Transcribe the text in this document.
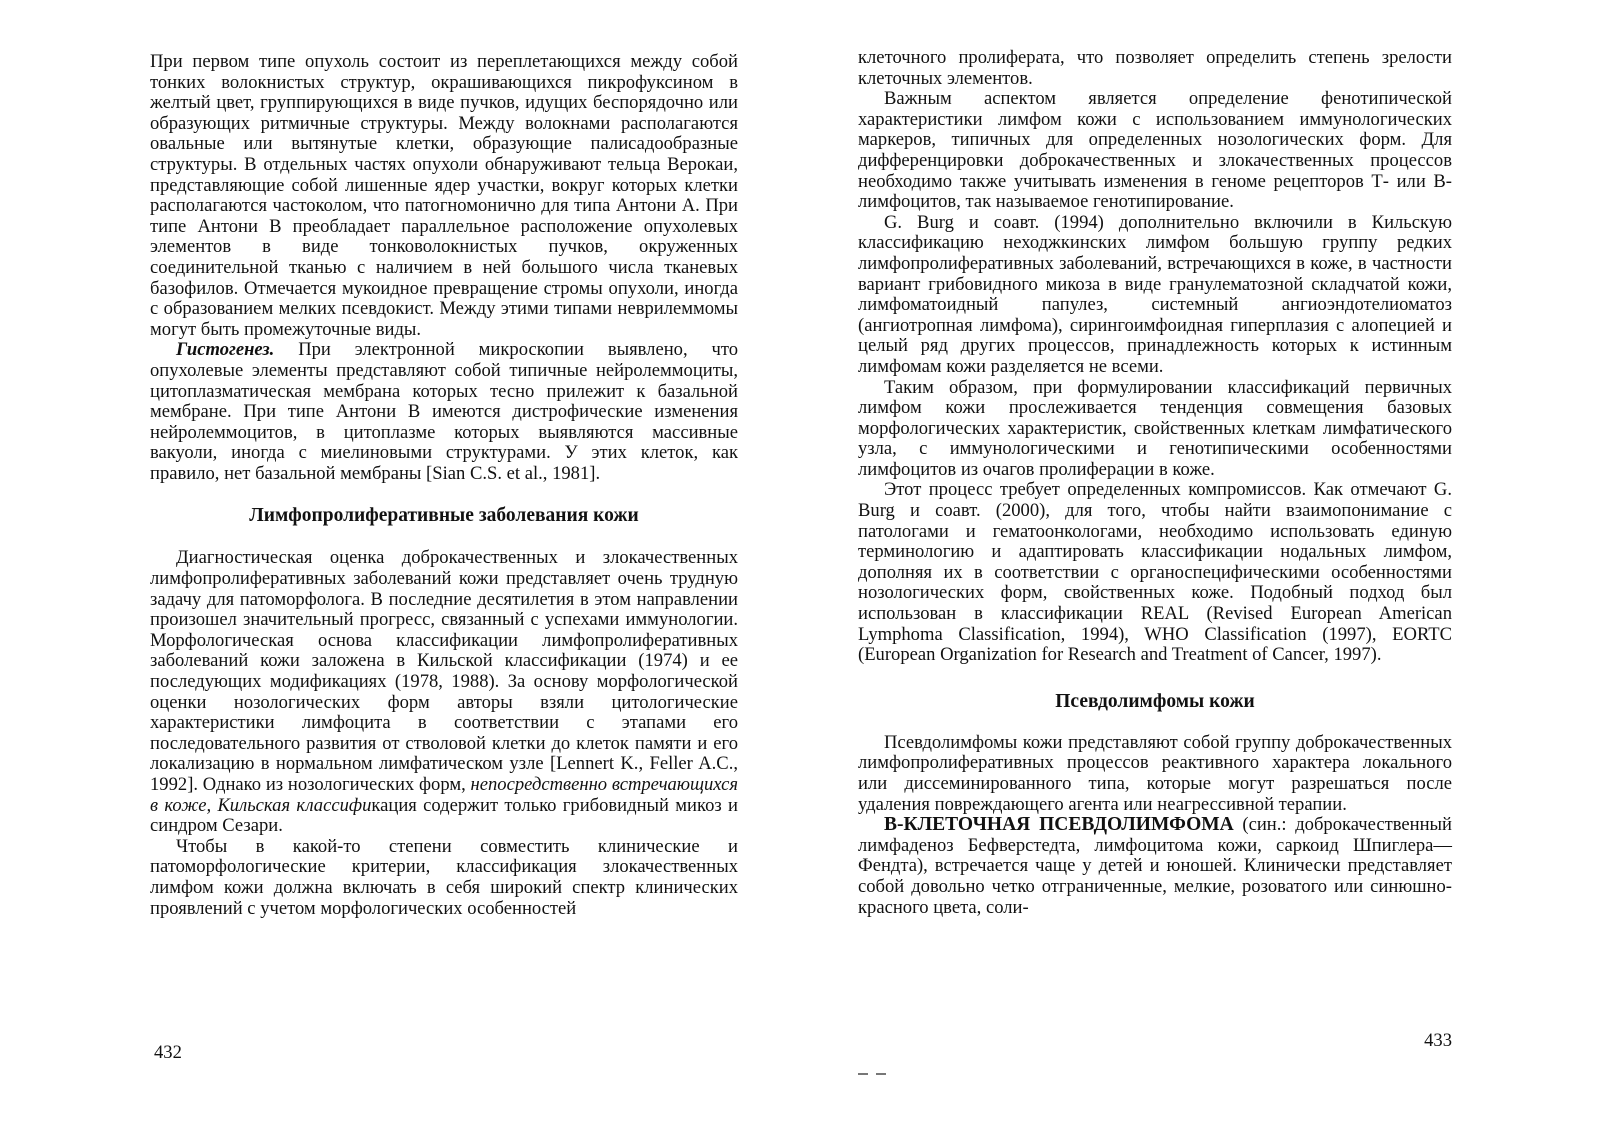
При первом типе опухоль состоит из переплетающихся между собой тонких волокнистых структур, окрашивающихся пикрофуксином в желтый цвет, группирующихся в виде пучков, идущих беспорядочно или образующих ритмичные структуры. Между волокнами располагаются овальные или вытянутые клетки, образующие палисадообразные структуры. В отдельных частях опухоли обнаруживают тельца Верокаи, представляющие собой лишенные ядер участки, вокруг которых клетки располагаются частоколом, что патогномонично для типа Антони А. При типе Антони В преобладает параллельное расположение опухолевых элементов в виде тонковолокнистых пучков, окруженных соединительной тканью с наличием в ней большого числа тканевых базофилов. Отмечается мукоидное превращение стромы опухоли, иногда с образованием мелких псевдокист. Между этими типами неврилеммомы могут быть промежуточные виды.

Гистогенез. При электронной микроскопии выявлено, что опухолевые элементы представляют собой типичные нейролеммоциты, цитоплазматическая мембрана которых тесно прилежит к базальной мембране. При типе Антони В имеются дистрофические изменения нейролеммоцитов, в цитоплазме которых выявляются массивные вакуоли, иногда с миелиновыми структурами. У этих клеток, как правило, нет базальной мембраны [Sian C.S. et al., 1981].

Лимфопролиферативные заболевания кожи

Диагностическая оценка доброкачественных и злокачественных лимфопролиферативных заболеваний кожи представляет очень трудную задачу для патоморфолога. В последние десятилетия в этом направлении произошел значительный прогресс, связанный с успехами иммунологии. Морфологическая основа классификации лимфопролиферативных заболеваний кожи заложена в Кильской классификации (1974) и ее последующих модификациях (1978, 1988). За основу морфологической оценки нозологических форм авторы взяли цитологические характеристики лимфоцита в соответствии с этапами его последовательного развития от стволовой клетки до клеток памяти и его локализацию в нормальном лимфатическом узле [Lennert K., Feller A.C., 1992]. Однако из нозологических форм, непосредственно встречающихся в коже, Кильская классификация содержит только грибовидный микоз и синдром Сезари.

Чтобы в какой-то степени совместить клинические и патоморфологические критерии, классификация злокачественных лимфом кожи должна включать в себя широкий спектр клинических проявлений с учетом морфологических особенностей

432

клеточного пролиферата, что позволяет определить степень зрелости клеточных элементов.

Важным аспектом является определение фенотипической характеристики лимфом кожи с использованием иммунологических маркеров, типичных для определенных нозологических форм. Для дифференцировки доброкачественных и злокачественных процессов необходимо также учитывать изменения в геноме рецепторов Т- или В-лимфоцитов, так называемое генотипирование.

G. Burg и соавт. (1994) дополнительно включили в Кильскую классификацию неходжкинских лимфом большую группу редких лимфопролиферативных заболеваний, встречающихся в коже, в частности вариант грибовидного микоза в виде гранулематозной складчатой кожи, лимфоматоидный папулез, системный ангиоэндотелиоматоз (ангиотропная лимфома), сирингоимфоидная гиперплазия с алопецией и целый ряд других процессов, принадлежность которых к истинным лимфомам кожи разделяется не всеми.

Таким образом, при формулировании классификаций первичных лимфом кожи прослеживается тенденция совмещения базовых морфологических характеристик, свойственных клеткам лимфатического узла, с иммунологическими и генотипическими особенностями лимфоцитов из очагов пролиферации в коже.

Этот процесс требует определенных компромиссов. Как отмечают G. Burg и соавт. (2000), для того, чтобы найти взаимопонимание с патологами и гематоонкологами, необходимо использовать единую терминологию и адаптировать классификации нодальных лимфом, дополняя их в соответствии с органоспецифическими особенностями нозологических форм, свойственных коже. Подобный подход был использован в классификации REAL (Revised European American Lymphoma Classification, 1994), WHO Classification (1997), EORTC (European Organization for Research and Treatment of Cancer, 1997).

Псевдолимфомы кожи

Псевдолимфомы кожи представляют собой группу доброкачественных лимфопролиферативных процессов реактивного характера локального или диссеминированного типа, которые могут разрешаться после удаления повреждающего агента или неагрессивной терапии.

В-КЛЕТОЧНАЯ ПСЕВДОЛИМФОМА (син.: доброкачественный лимфаденоз Бефверстедта, лимфоцитома кожи, саркоид Шпиглера—Фендта), встречается чаще у детей и юношей. Клинически представляет собой довольно четко отграниченные, мелкие, розоватого или синюшно-красного цвета, соли-

433
